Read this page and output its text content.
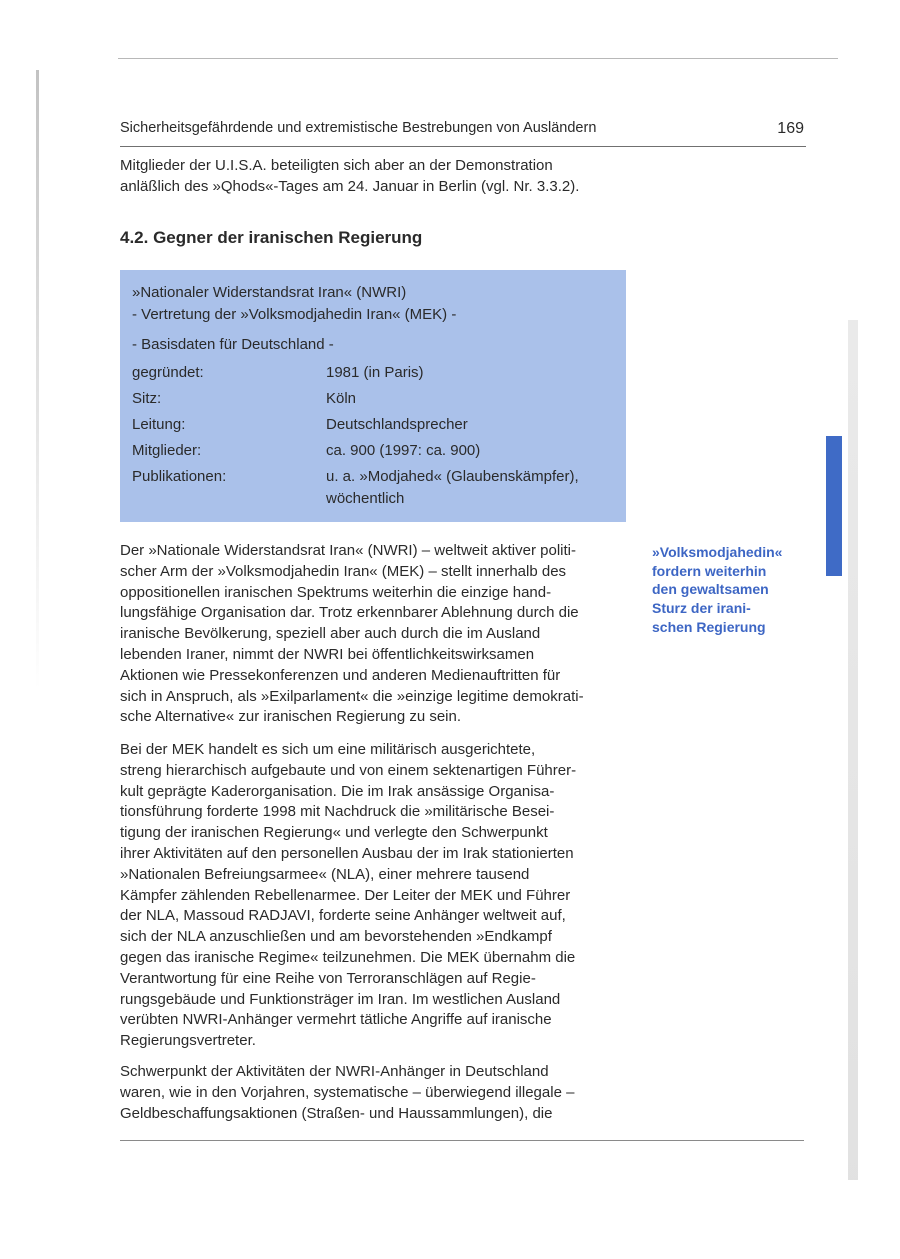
Sicherheitsgefährdende und extremistische Bestrebungen von Ausländern	169
Mitglieder der U.I.S.A. beteiligten sich aber an der Demonstration
anläßlich des »Qhods«-Tages am 24. Januar in Berlin (vgl. Nr. 3.3.2).
4.2. Gegner der iranischen Regierung
»Nationaler Widerstandsrat Iran« (NWRI)
- Vertretung der »Volksmodjahedin Iran« (MEK) -
- Basisdaten für Deutschland -
gegründet:	1981 (in Paris)
Sitz:	Köln
Leitung:	Deutschlandsprecher
Mitglieder:	ca. 900 (1997: ca. 900)
Publikationen:	u. a. »Modjahed« (Glaubenskämpfer),
wöchentlich
»Volksmodjahedin«
fordern weiterhin
den gewaltsamen
Sturz der irani-
schen Regierung
Der »Nationale Widerstandsrat Iran« (NWRI) – weltweit aktiver politi-
scher Arm der »Volksmodjahedin Iran« (MEK) – stellt innerhalb des
oppositionellen iranischen Spektrums weiterhin die einzige hand-
lungsfähige Organisation dar. Trotz erkennbarer Ablehnung durch die
iranische Bevölkerung, speziell aber auch durch die im Ausland
lebenden Iraner, nimmt der NWRI bei öffentlichkeitswirksamen
Aktionen wie Pressekonferenzen und anderen Medienauftritten für
sich in Anspruch, als »Exilparlament« die »einzige legitime demokrati-
sche Alternative« zur iranischen Regierung zu sein.
Bei der MEK handelt es sich um eine militärisch ausgerichtete,
streng hierarchisch aufgebaute und von einem sektenartigen Führer-
kult geprägte Kaderorganisation. Die im Irak ansässige Organisa-
tionsführung forderte 1998 mit Nachdruck die »militärische Besei-
tigung der iranischen Regierung« und verlegte den Schwerpunkt
ihrer Aktivitäten auf den personellen Ausbau der im Irak stationierten
»Nationalen Befreiungsarmee« (NLA), einer mehrere tausend
Kämpfer zählenden Rebellenarmee. Der Leiter der MEK und Führer
der NLA, Massoud RADJAVI, forderte seine Anhänger weltweit auf,
sich der NLA anzuschließen und am bevorstehenden »Endkampf
gegen das iranische Regime« teilzunehmen. Die MEK übernahm die
Verantwortung für eine Reihe von Terroranschlägen auf Regie-
rungsgebäude und Funktionsträger im Iran. Im westlichen Ausland
verübten NWRI-Anhänger vermehrt tätliche Angriffe auf iranische
Regierungsvertreter.
Schwerpunkt der Aktivitäten der NWRI-Anhänger in Deutschland
waren, wie in den Vorjahren, systematische – überwiegend illegale –
Geldbeschaffungsaktionen (Straßen- und Haussammlungen), die
